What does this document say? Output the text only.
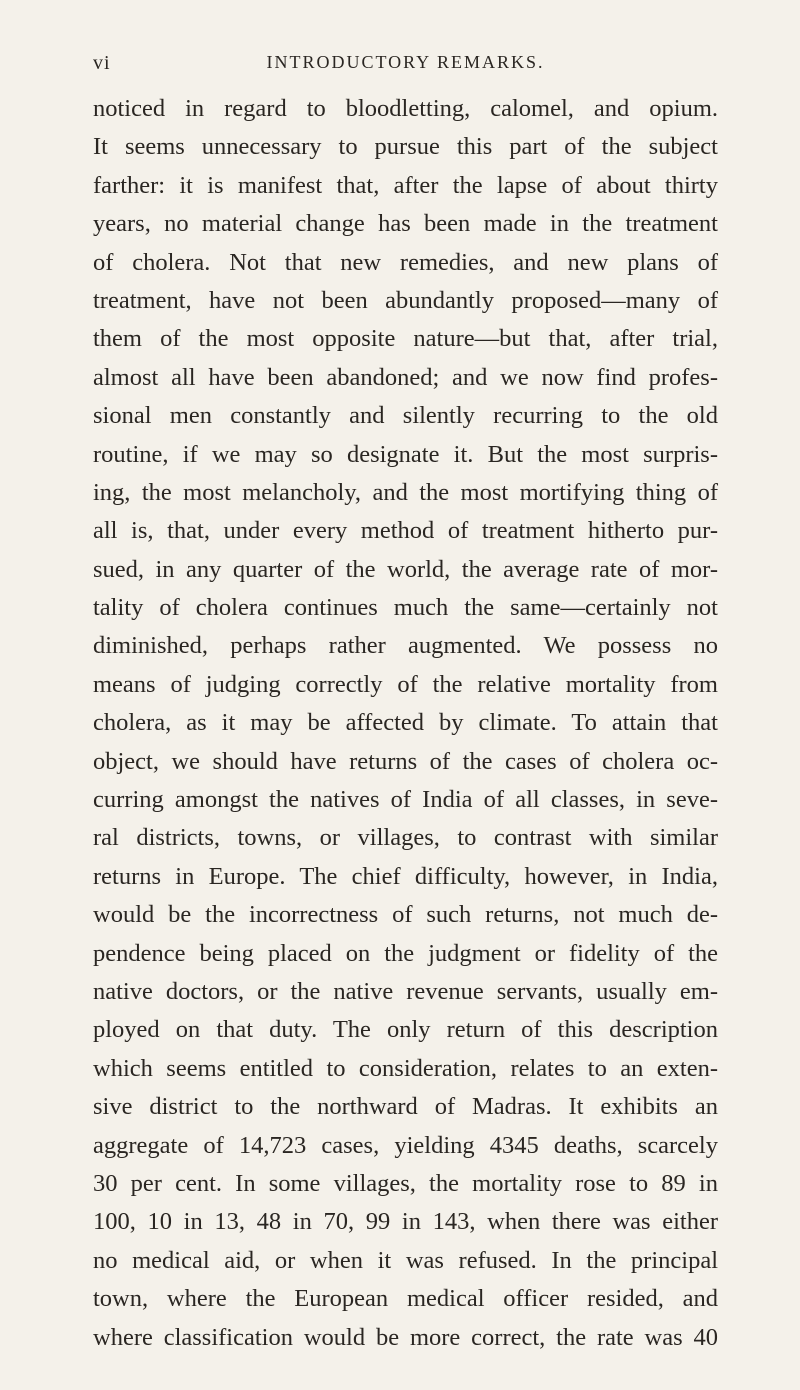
vi	INTRODUCTORY REMARKS.
noticed in regard to bloodletting, calomel, and opium.
It seems unnecessary to pursue this part of the subject
farther: it is manifest that, after the lapse of about thirty
years, no material change has been made in the treatment
of cholera. Not that new remedies, and new plans of
treatment, have not been abundantly proposed—many of
them of the most opposite nature—but that, after trial,
almost all have been abandoned; and we now find profes-
sional men constantly and silently recurring to the old
routine, if we may so designate it. But the most surpris-
ing, the most melancholy, and the most mortifying thing of
all is, that, under every method of treatment hitherto pur-
sued, in any quarter of the world, the average rate of mor-
tality of cholera continues much the same—certainly not
diminished, perhaps rather augmented. We possess no
means of judging correctly of the relative mortality from
cholera, as it may be affected by climate. To attain that
object, we should have returns of the cases of cholera oc-
curring amongst the natives of India of all classes, in seve-
ral districts, towns, or villages, to contrast with similar
returns in Europe. The chief difficulty, however, in India,
would be the incorrectness of such returns, not much de-
pendence being placed on the judgment or fidelity of the
native doctors, or the native revenue servants, usually em-
ployed on that duty. The only return of this description
which seems entitled to consideration, relates to an exten-
sive district to the northward of Madras. It exhibits an
aggregate of 14,723 cases, yielding 4345 deaths, scarcely
30 per cent. In some villages, the mortality rose to 89 in
100, 10 in 13, 48 in 70, 99 in 143, when there was either
no medical aid, or when it was refused. In the principal
town, where the European medical officer resided, and
where classification would be more correct, the rate was 40
